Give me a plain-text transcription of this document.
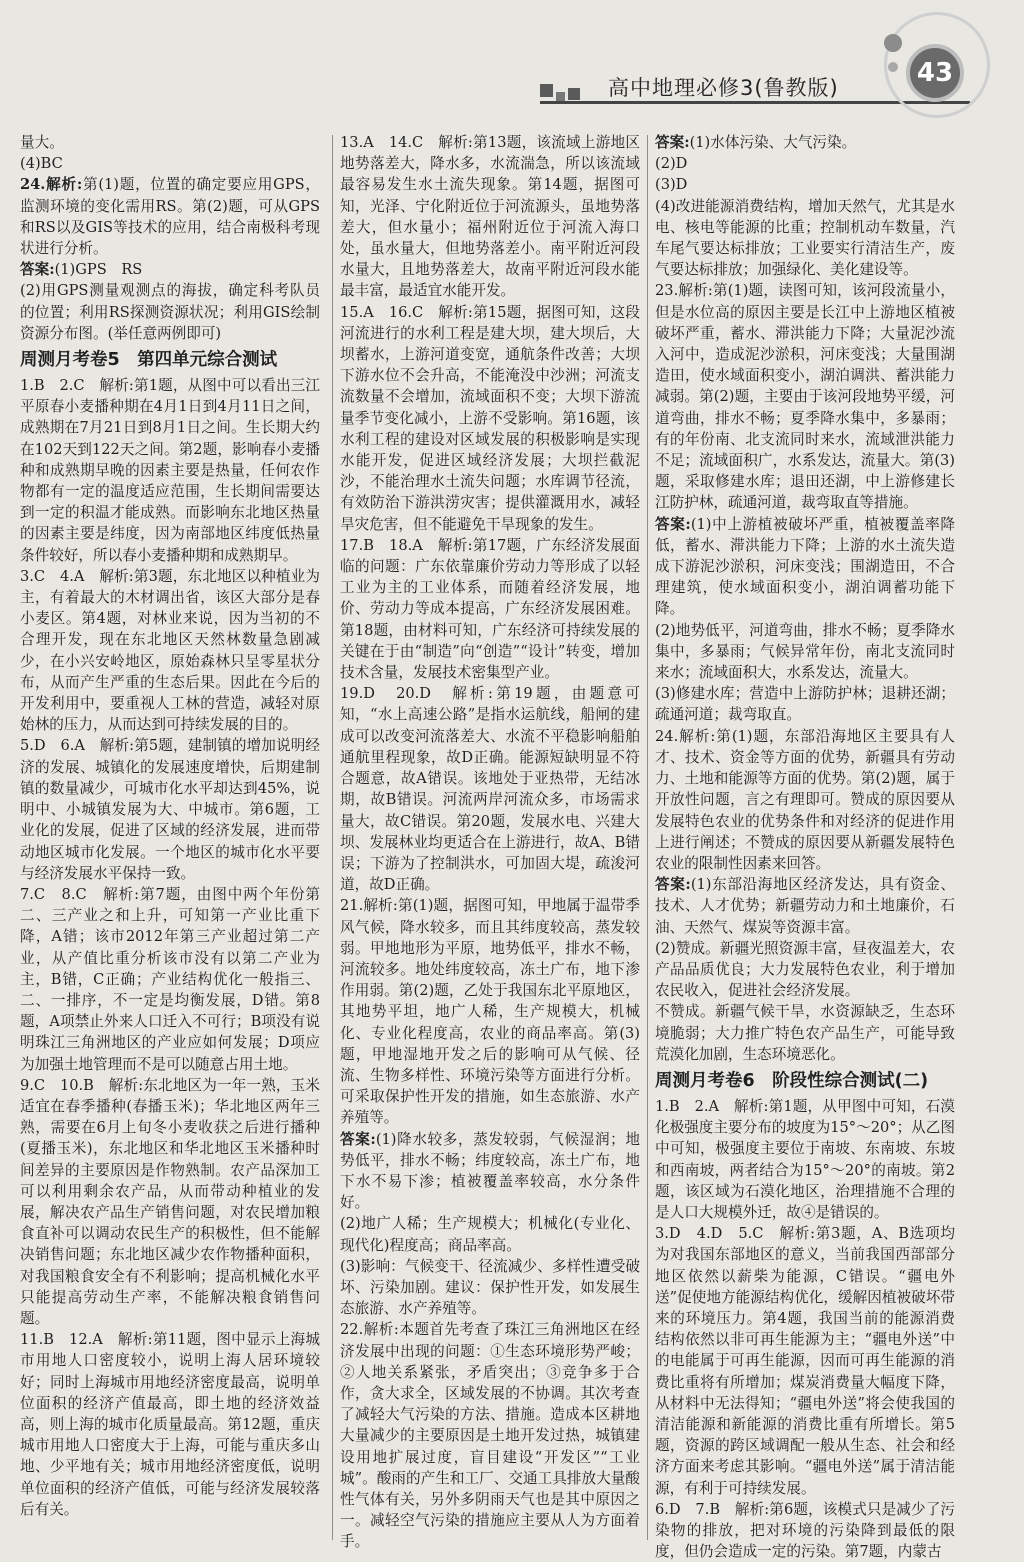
高中地理必修3(鲁教版)	43

量大。

(4)BC

24.解析:第(1)题，位置的确定要应用GPS，监测环境的变化需用RS。第(2)题，可从GPS和RS以及GIS等技术的应用，结合南极科考现状进行分析。

答案:(1)GPS　RS

(2)用GPS测量观测点的海拔，确定科考队员的位置；利用RS探测资源状况；利用GIS绘制资源分布图。(举任意两例即可)

周测月考卷5　第四单元综合测试

1.B　2.C　解析:第1题，从图中可以看出三江平原春小麦播种期在4月1日到4月11日之间，成熟期在7月21日到8月1日之间。生长期大约在102天到122天之间。第2题，影响春小麦播种和成熟期早晚的因素主要是热量，任何农作物都有一定的温度适应范围，生长期间需要达到一定的积温才能成熟。而影响东北地区热量的因素主要是纬度，因为南部地区纬度低热量条件较好，所以春小麦播种期和成熟期早。

3.C　4.A　解析:第3题，东北地区以种植业为主，有着最大的木材调出省，该区大部分是春小麦区。第4题，对林业来说，因为当初的不合理开发，现在东北地区天然林数量急剧减少，在小兴安岭地区，原始森林只呈零星状分布，从而产生严重的生态后果。因此在今后的开发利用中，要重视人工林的营造，减轻对原始林的压力，从而达到可持续发展的目的。

5.D　6.A　解析:第5题，建制镇的增加说明经济的发展、城镇化的发展速度增快，后期建制镇的数量减少，可城市化水平却达到45%，说明中、小城镇发展为大、中城市。第6题，工业化的发展，促进了区域的经济发展，进而带动地区城市化发展。一个地区的城市化水平要与经济发展水平保持一致。

7.C　8.C　解析:第7题，由图中两个年份第二、三产业之和上升，可知第一产业比重下降，A错；该市2012年第三产业超过第二产业，从产值比重分析该市没有以第二产业为主，B错，C正确；产业结构优化一般指三、二、一排序，不一定是均衡发展，D错。第8题，A项禁止外来人口迁入不可行；B项没有说明珠江三角洲地区的产业应如何发展；D项应为加强土地管理而不是可以随意占用土地。

9.C　10.B　解析:东北地区为一年一熟，玉米适宜在春季播种(春播玉米)；华北地区两年三熟，需要在6月上旬冬小麦收获之后进行播种(夏播玉米)，东北地区和华北地区玉米播种时间差异的主要原因是作物熟制。农产品深加工可以利用剩余农产品，从而带动种植业的发展，解决农产品生产销售问题，对农民增加粮食直补可以调动农民生产的积极性，但不能解决销售问题；东北地区减少农作物播种面积，对我国粮食安全有不利影响；提高机械化水平只能提高劳动生产率，不能解决粮食销售问题。

11.B　12.A　解析:第11题，图中显示上海城市用地人口密度较小，说明上海人居环境较好；同时上海城市用地经济密度最高，说明单位面积的经济产值最高，即土地的经济效益高，则上海的城市化质量最高。第12题，重庆城市用地人口密度大于上海，可能与重庆多山地、少平地有关；城市用地经济密度低，说明单位面积的经济产值低，可能与经济发展较落后有关。

13.A　14.C　解析:第13题，该流域上游地区地势落差大，降水多，水流湍急，所以该流域最容易发生水土流失现象。第14题，据图可知，光泽、宁化附近位于河流源头，虽地势落差大，但水量小；福州附近位于河流入海口处，虽水量大，但地势落差小。南平附近河段水量大，且地势落差大，故南平附近河段水能最丰富，最适宜水能开发。

15.A　16.C　解析:第15题，据图可知，这段河流进行的水利工程是建大坝，建大坝后，大坝蓄水，上游河道变宽，通航条件改善；大坝下游水位不会升高，不能淹没中沙洲；河流支流数量不会增加，流域面积不变；大坝下游流量季节变化减小，上游不受影响。第16题，该水利工程的建设对区域发展的积极影响是实现水能开发，促进区域经济发展；大坝拦截泥沙，不能治理水土流失问题；水库调节径流，有效防治下游洪涝灾害；提供灌溉用水，减轻旱灾危害，但不能避免干旱现象的发生。

17.B　18.A　解析:第17题，广东经济发展面临的问题：广东依靠廉价劳动力等形成了以轻工业为主的工业体系，而随着经济发展，地价、劳动力等成本提高，广东经济发展困难。第18题，由材料可知，广东经济可持续发展的关键在于由“制造”向“创造”“设计”转变，增加技术含量，发展技术密集型产业。

19.D　20.D　解析:第19题，由题意可知，“水上高速公路”是指水运航线，船闸的建成可以改变河流落差大、水流不平稳影响船舶通航里程现象，故D正确。能源短缺明显不符合题意，故A错误。该地处于亚热带，无结冰期，故B错误。河流两岸河流众多，市场需求量大，故C错误。第20题，发展水电、兴建大坝、发展林业均更适合在上游进行，故A、B错误；下游为了控制洪水，可加固大堤，疏浚河道，故D正确。

21.解析:第(1)题，据图可知，甲地属于温带季风气候，降水较多，而且其纬度较高，蒸发较弱。甲地地形为平原，地势低平，排水不畅，河流较多。地处纬度较高，冻土广布，地下渗作用弱。第(2)题，乙处于我国东北平原地区，其地势平坦，地广人稀，生产规模大，机械化、专业化程度高，农业的商品率高。第(3)题，甲地湿地开发之后的影响可从气候、径流、生物多样性、环境污染等方面进行分析。可采取保护性开发的措施，如生态旅游、水产养殖等。

答案:(1)降水较多，蒸发较弱，气候湿润；地势低平，排水不畅；纬度较高，冻土广布，地下水不易下渗；植被覆盖率较高，水分条件好。

(2)地广人稀；生产规模大；机械化(专业化、现代化)程度高；商品率高。

(3)影响：气候变干、径流减少、多样性遭受破坏、污染加剧。建议：保护性开发，如发展生态旅游、水产养殖等。

22.解析:本题首先考查了珠江三角洲地区在经济发展中出现的问题：①生态环境形势严峻；②人地关系紧张，矛盾突出；③竞争多于合作，贪大求全，区域发展的不协调。其次考查了减轻大气污染的方法、措施。造成本区耕地大量减少的主要原因是土地开发过热，城镇建设用地扩展过度，盲目建设“开发区”“工业城”。酸雨的产生和工厂、交通工具排放大量酸性气体有关，另外多阴雨天气也是其中原因之一。减轻空气污染的措施应主要从人为方面着手。

答案:(1)水体污染、大气污染。

(2)D

(3)D

(4)改进能源消费结构，增加天然气，尤其是水电、核电等能源的比重；控制机动车数量，汽车尾气要达标排放；工业要实行清洁生产，废气要达标排放；加强绿化、美化建设等。

23.解析:第(1)题，读图可知，该河段流量小，但是水位高的原因主要是长江中上游地区植被破坏严重，蓄水、滞洪能力下降；大量泥沙流入河中，造成泥沙淤积，河床变浅；大量围湖造田，使水域面积变小，湖泊调洪、蓄洪能力减弱。第(2)题，主要由于该河段地势平缓，河道弯曲，排水不畅；夏季降水集中，多暴雨；有的年份南、北支流同时来水，流域泄洪能力不足；流域面积广，水系发达，流量大。第(3)题，采取修建水库；退田还湖，中上游修建长江防护林，疏通河道，裁弯取直等措施。

答案:(1)中上游植被破坏严重，植被覆盖率降低，蓄水、滞洪能力下降；上游的水土流失造成下游泥沙淤积，河床变浅；围湖造田，不合理建筑，使水域面积变小，湖泊调蓄功能下降。

(2)地势低平，河道弯曲，排水不畅；夏季降水集中，多暴雨；气候异常年份，南北支流同时来水；流域面积大，水系发达，流量大。

(3)修建水库；营造中上游防护林；退耕还湖；疏通河道；裁弯取直。

24.解析:第(1)题，东部沿海地区主要具有人才、技术、资金等方面的优势，新疆具有劳动力、土地和能源等方面的优势。第(2)题，属于开放性问题，言之有理即可。赞成的原因要从发展特色农业的优势条件和对经济的促进作用上进行阐述；不赞成的原因要从新疆发展特色农业的限制性因素来回答。

答案:(1)东部沿海地区经济发达，具有资金、技术、人才优势；新疆劳动力和土地廉价，石油、天然气、煤炭等资源丰富。

(2)赞成。新疆光照资源丰富，昼夜温差大，农产品品质优良；大力发展特色农业，利于增加农民收入，促进社会经济发展。

不赞成。新疆气候干旱，水资源缺乏，生态环境脆弱；大力推广特色农产品生产，可能导致荒漠化加剧，生态环境恶化。

周测月考卷6　阶段性综合测试(二)

1.B　2.A　解析:第1题，从甲图中可知，石漠化极强度主要分布的坡度为15°～20°；从乙图中可知，极强度主要位于南坡、东南坡、东坡和西南坡，两者结合为15°～20°的南坡。第2题，该区域为石漠化地区，治理措施不合理的是人口大规模外迁，故④是错误的。

3.D　4.D　5.C　解析:第3题，A、B选项均为对我国东部地区的意义，当前我国西部部分地区依然以薪柴为能源，C错误。“疆电外送”促使地方能源结构优化，缓解因植被破坏带来的环境压力。第4题，我国当前的能源消费结构依然以非可再生能源为主；“疆电外送”中的电能属于可再生能源，因而可再生能源的消费比重将有所增加；煤炭消费量大幅度下降，从材料中无法得知；“疆电外送”将会使我国的清洁能源和新能源的消费比重有所增长。第5题，资源的跨区域调配一般从生态、社会和经济方面来考虑其影响。“疆电外送”属于清洁能源，有利于可持续发展。

6.D　7.B　解析:第6题，该模式只是减少了污染物的排放，把对环境的污染降到最低的限度，但仍会造成一定的污染。第7题，内蒙古
